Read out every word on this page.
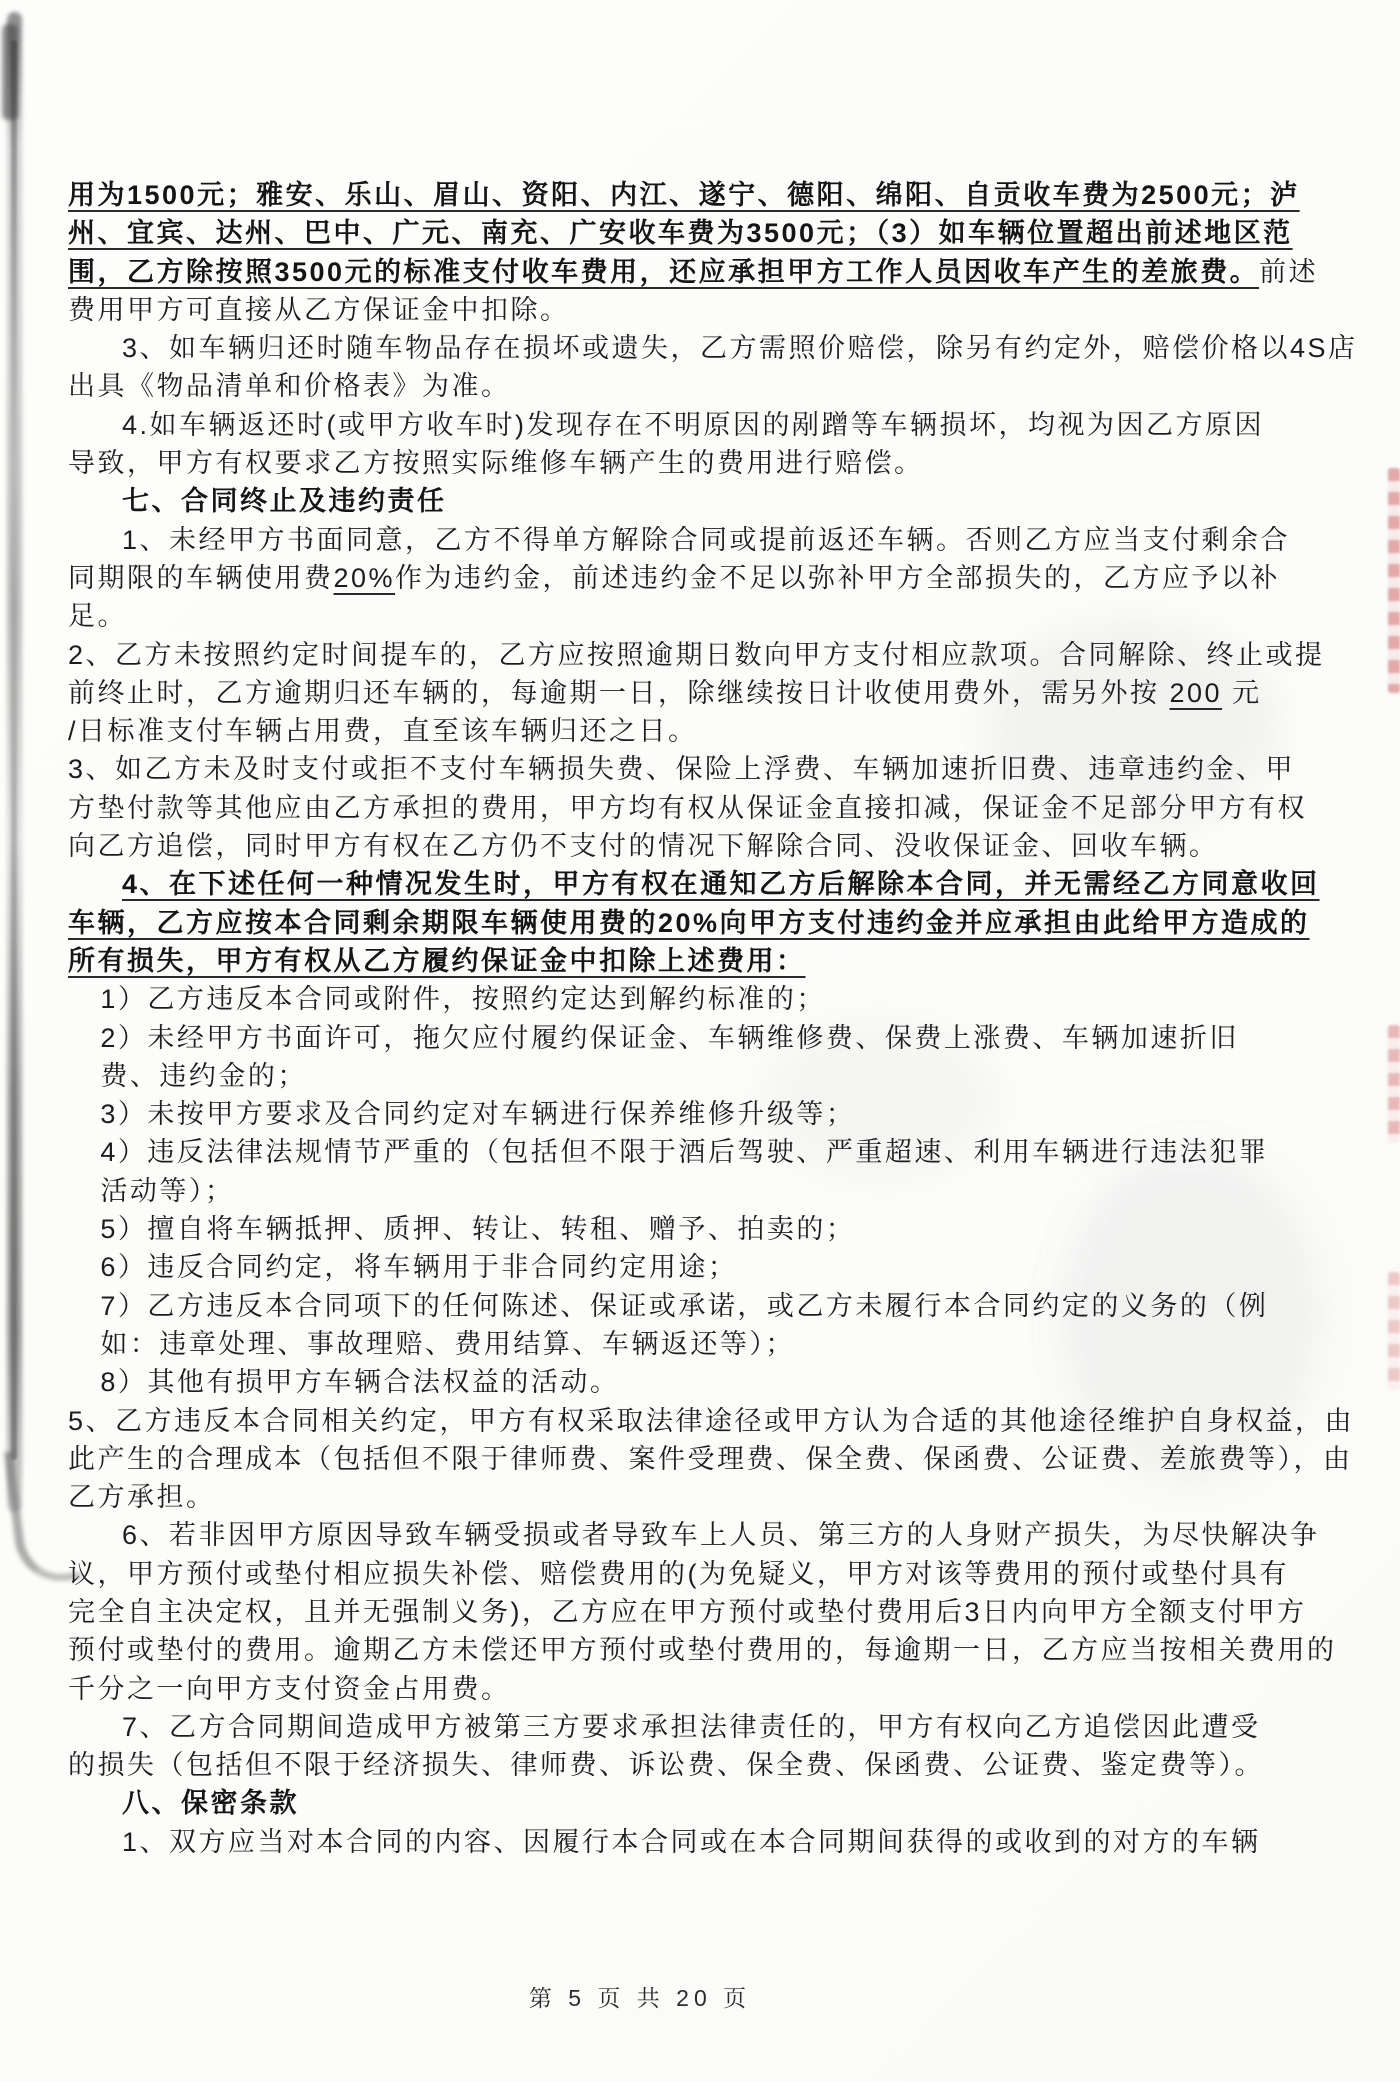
用为1500元；雅安、乐山、眉山、资阳、内江、遂宁、德阳、绵阳、自贡收车费为2500元；泸
州、宜宾、达州、巴中、广元、南充、广安收车费为3500元；（3）如车辆位置超出前述地区范
围，乙方除按照3500元的标准支付收车费用，还应承担甲方工作人员因收车产生的差旅费。前述
费用甲方可直接从乙方保证金中扣除。
3、如车辆归还时随车物品存在损坏或遗失，乙方需照价赔偿，除另有约定外，赔偿价格以4S店
出具《物品清单和价格表》为准。
4.如车辆返还时(或甲方收车时)发现存在不明原因的剐蹭等车辆损坏，均视为因乙方原因
导致，甲方有权要求乙方按照实际维修车辆产生的费用进行赔偿。
七、合同终止及违约责任
1、未经甲方书面同意，乙方不得单方解除合同或提前返还车辆。否则乙方应当支付剩余合
同期限的车辆使用费20%作为违约金，前述违约金不足以弥补甲方全部损失的，乙方应予以补
足。
2、乙方未按照约定时间提车的，乙方应按照逾期日数向甲方支付相应款项。合同解除、终止或提
前终止时，乙方逾期归还车辆的，每逾期一日，除继续按日计收使用费外，需另外按 200 元
/日标准支付车辆占用费，直至该车辆归还之日。
3、如乙方未及时支付或拒不支付车辆损失费、保险上浮费、车辆加速折旧费、违章违约金、甲
方垫付款等其他应由乙方承担的费用，甲方均有权从保证金直接扣减，保证金不足部分甲方有权
向乙方追偿，同时甲方有权在乙方仍不支付的情况下解除合同、没收保证金、回收车辆。
4、在下述任何一种情况发生时，甲方有权在通知乙方后解除本合同，并无需经乙方同意收回
车辆，乙方应按本合同剩余期限车辆使用费的20%向甲方支付违约金并应承担由此给甲方造成的
所有损失，甲方有权从乙方履约保证金中扣除上述费用：
1）乙方违反本合同或附件，按照约定达到解约标准的；
2）未经甲方书面许可，拖欠应付履约保证金、车辆维修费、保费上涨费、车辆加速折旧
费、违约金的；
3）未按甲方要求及合同约定对车辆进行保养维修升级等；
4）违反法律法规情节严重的（包括但不限于酒后驾驶、严重超速、利用车辆进行违法犯罪
活动等）；
5）擅自将车辆抵押、质押、转让、转租、赠予、拍卖的；
6）违反合同约定，将车辆用于非合同约定用途；
7）乙方违反本合同项下的任何陈述、保证或承诺，或乙方未履行本合同约定的义务的（例
如：违章处理、事故理赔、费用结算、车辆返还等）；
8）其他有损甲方车辆合法权益的活动。
5、乙方违反本合同相关约定，甲方有权采取法律途径或甲方认为合适的其他途径维护自身权益，由
此产生的合理成本（包括但不限于律师费、案件受理费、保全费、保函费、公证费、差旅费等），由
乙方承担。
6、若非因甲方原因导致车辆受损或者导致车上人员、第三方的人身财产损失，为尽快解决争
议，甲方预付或垫付相应损失补偿、赔偿费用的(为免疑义，甲方对该等费用的预付或垫付具有
完全自主决定权，且并无强制义务)，乙方应在甲方预付或垫付费用后3日内向甲方全额支付甲方
预付或垫付的费用。逾期乙方未偿还甲方预付或垫付费用的，每逾期一日，乙方应当按相关费用的
千分之一向甲方支付资金占用费。
7、乙方合同期间造成甲方被第三方要求承担法律责任的，甲方有权向乙方追偿因此遭受
的损失（包括但不限于经济损失、律师费、诉讼费、保全费、保函费、公证费、鉴定费等）。
八、保密条款
1、双方应当对本合同的内容、因履行本合同或在本合同期间获得的或收到的对方的车辆
第 5 页 共 20 页
